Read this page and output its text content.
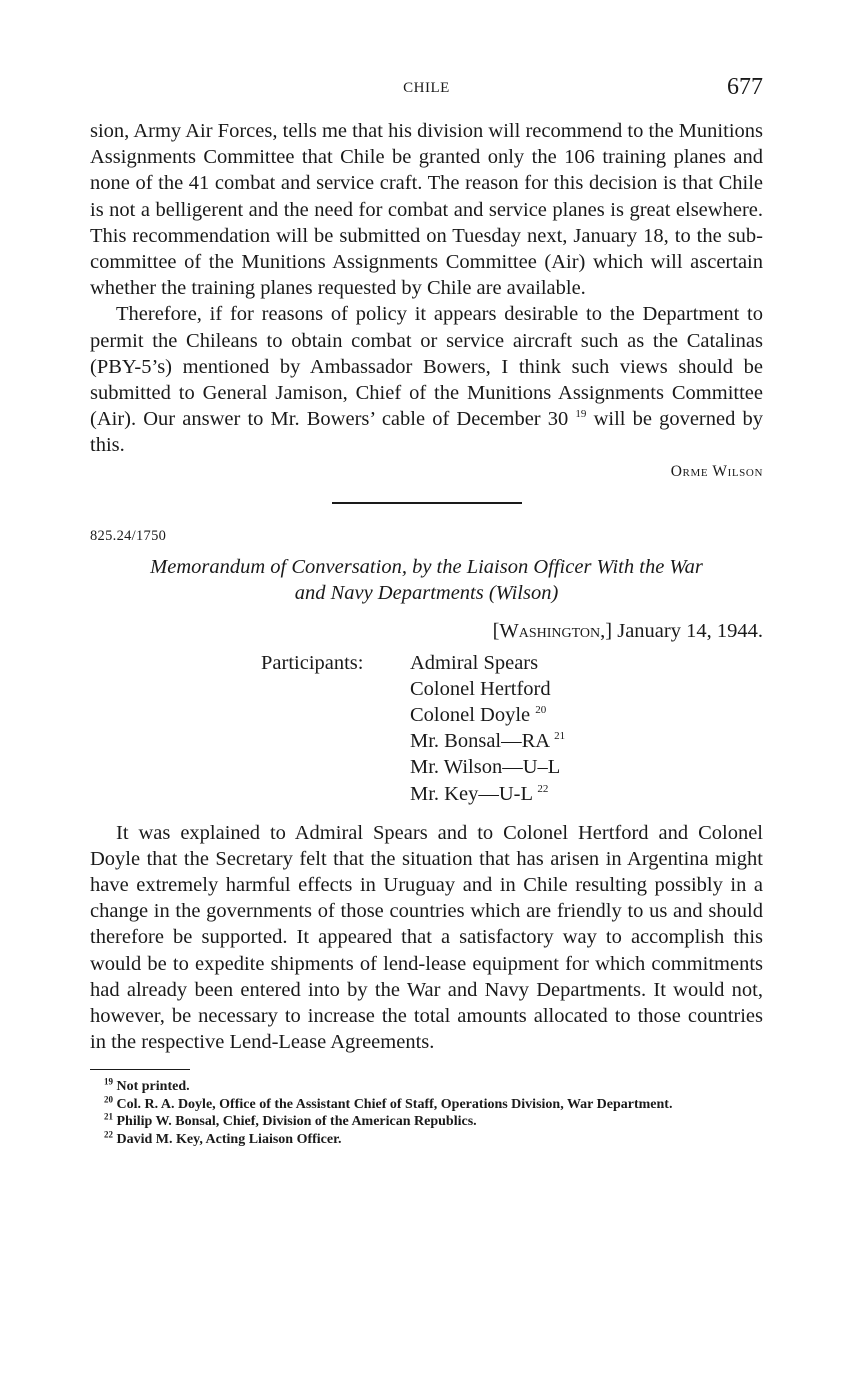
CHILE	677

sion, Army Air Forces, tells me that his division will recommend to the Munitions Assignments Committee that Chile be granted only the 106 training planes and none of the 41 combat and service craft. The reason for this decision is that Chile is not a belligerent and the need for combat and service planes is great elsewhere. This recommendation will be submitted on Tuesday next, January 18, to the sub-committee of the Munitions Assignments Committee (Air) which will ascertain whether the training planes requested by Chile are available.

Therefore, if for reasons of policy it appears desirable to the Department to permit the Chileans to obtain combat or service aircraft such as the Catalinas (PBY-5’s) mentioned by Ambassador Bowers, I think such views should be submitted to General Jamison, Chief of the Munitions Assignments Committee (Air). Our answer to Mr. Bowers’ cable of December 30 $^{19}$ will be governed by this.

Orme Wilson
825.24/1750
Memorandum of Conversation, by the Liaison Officer With the War
and Navy Departments (Wilson)
[Washington,] January 14, 1944.
Participants: Admiral Spears
Colonel Hertford
Colonel Doyle $^{20}$
Mr. Bonsal—RA $^{21}$
Mr. Wilson—U–L
Mr. Key—U-L $^{22}$

It was explained to Admiral Spears and to Colonel Hertford and Colonel Doyle that the Secretary felt that the situation that has arisen in Argentina might have extremely harmful effects in Uruguay and in Chile resulting possibly in a change in the governments of those countries which are friendly to us and should therefore be supported. It appeared that a satisfactory way to accomplish this would be to expedite shipments of lend-lease equipment for which commitments had already been entered into by the War and Navy Departments. It would not, however, be necessary to increase the total amounts allocated to those countries in the respective Lend-Lease Agreements.

$^{19}$ Not printed.
$^{20}$ Col. R. A. Doyle, Office of the Assistant Chief of Staff, Operations Division, War Department.
$^{21}$ Philip W. Bonsal, Chief, Division of the American Republics.
$^{22}$ David M. Key, Acting Liaison Officer.
